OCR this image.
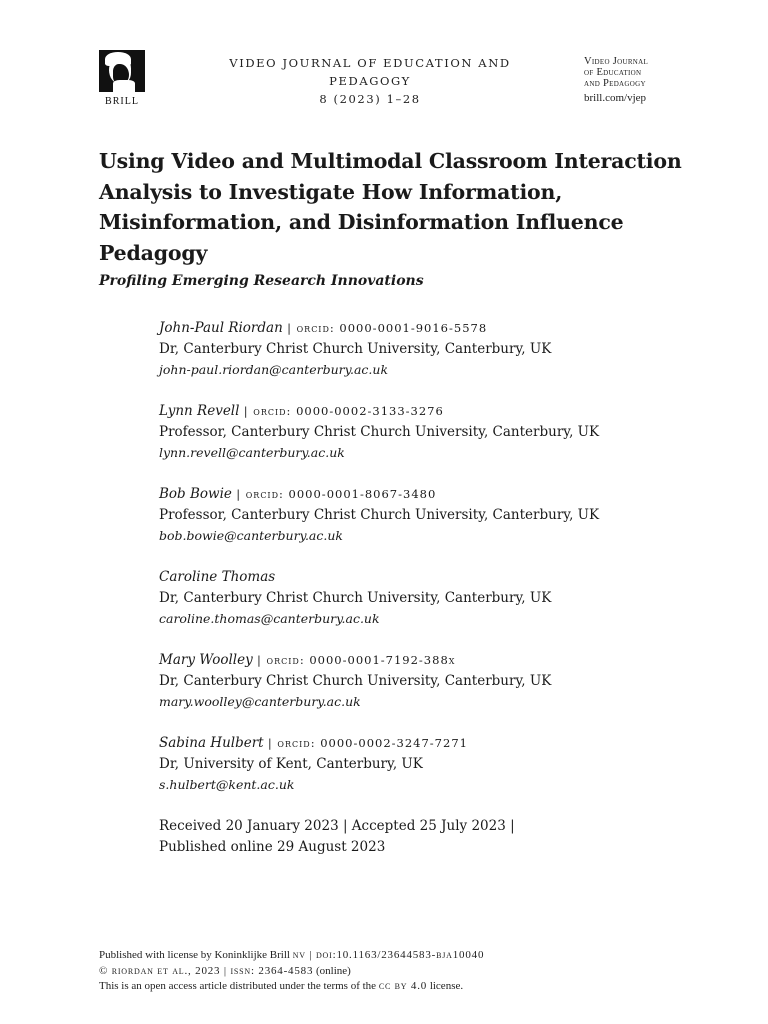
BRILL
VIDEO JOURNAL OF EDUCATION AND PEDAGOGY
8 (2023) 1–28
Video Journal
of Education
and Pedagogy
brill.com/vjep
Using Video and Multimodal Classroom Interaction Analysis to Investigate How Information, Misinformation, and Disinformation Influence Pedagogy
Profiling Emerging Research Innovations
John-Paul Riordan | orcid: 0000-0001-9016-5578
Dr, Canterbury Christ Church University, Canterbury, UK
john-paul.riordan@canterbury.ac.uk
Lynn Revell | orcid: 0000-0002-3133-3276
Professor, Canterbury Christ Church University, Canterbury, UK
lynn.revell@canterbury.ac.uk
Bob Bowie | orcid: 0000-0001-8067-3480
Professor, Canterbury Christ Church University, Canterbury, UK
bob.bowie@canterbury.ac.uk
Caroline Thomas
Dr, Canterbury Christ Church University, Canterbury, UK
caroline.thomas@canterbury.ac.uk
Mary Woolley | orcid: 0000-0001-7192-388x
Dr, Canterbury Christ Church University, Canterbury, UK
mary.woolley@canterbury.ac.uk
Sabina Hulbert | orcid: 0000-0002-3247-7271
Dr, University of Kent, Canterbury, UK
s.hulbert@kent.ac.uk
Received 20 January 2023 | Accepted 25 July 2023 |
Published online 29 August 2023
Published with license by Koninklijke Brill nv | doi:10.1163/23644583-bja10040
© riordan et al., 2023 | issn: 2364-4583 (online)
This is an open access article distributed under the terms of the cc by 4.0 license.
